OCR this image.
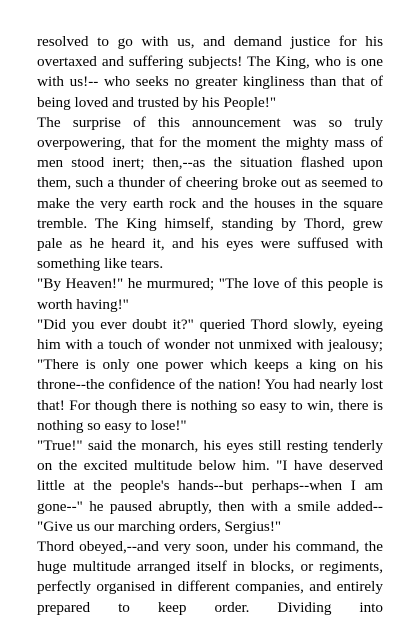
resolved to go with us, and demand justice for his overtaxed and suffering subjects! The King, who is one with us!-- who seeks no greater kingliness than that of being loved and trusted by his People!"

The surprise of this announcement was so truly overpowering, that for the moment the mighty mass of men stood inert; then,--as the situation flashed upon them, such a thunder of cheering broke out as seemed to make the very earth rock and the houses in the square tremble. The King himself, standing by Thord, grew pale as he heard it, and his eyes were suffused with something like tears.

"By Heaven!" he murmured; "The love of this people is worth having!"

"Did you ever doubt it?" queried Thord slowly, eyeing him with a touch of wonder not unmixed with jealousy; "There is only one power which keeps a king on his throne--the confidence of the nation! You had nearly lost that! For though there is nothing so easy to win, there is nothing so easy to lose!"

"True!" said the monarch, his eyes still resting tenderly on the excited multitude below him. "I have deserved little at the people's hands--but perhaps--when I am gone--" he paused abruptly, then with a smile added--"Give us our marching orders, Sergius!"

Thord obeyed,--and very soon, under his command, the huge multitude arranged itself in blocks, or regiments, perfectly organised in different companies, and entirely prepared to keep order. Dividing into
